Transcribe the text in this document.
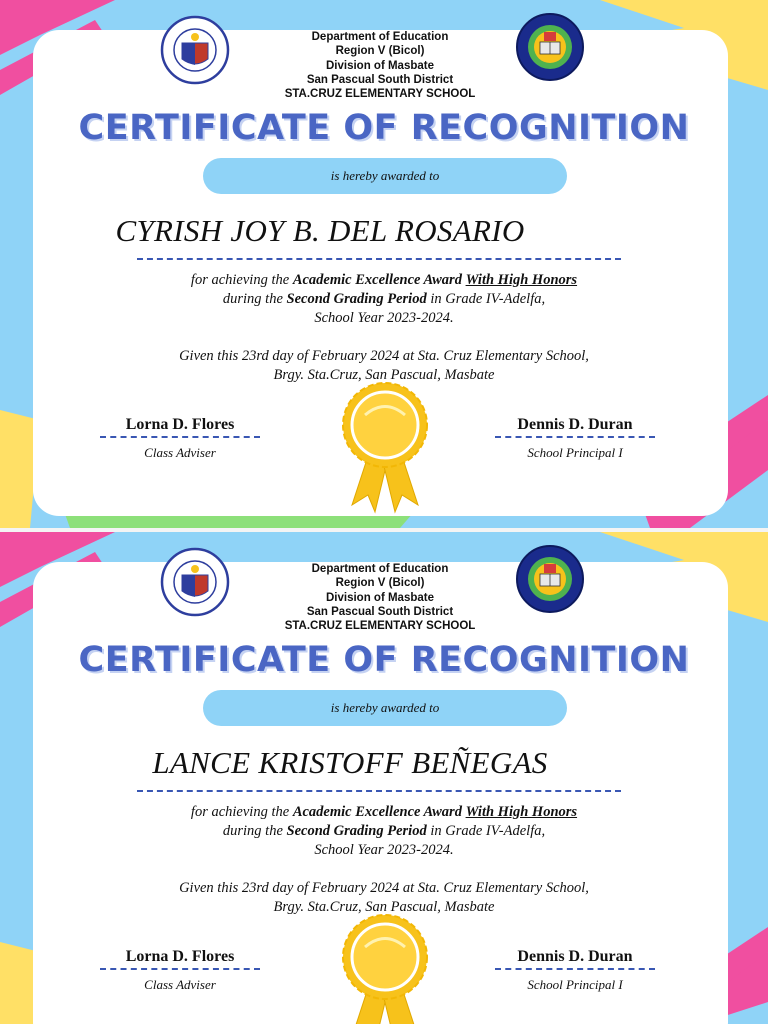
Department of Education
Region V (Bicol)
Division of Masbate
San Pascual South District
STA.CRUZ ELEMENTARY SCHOOL
CERTIFICATE OF RECOGNITION
is hereby awarded to
CYRISH JOY B. DEL ROSARIO
for achieving the Academic Excellence Award With High Honors
during the Second Grading Period in Grade IV-Adelfa,
School Year 2023-2024.
Given this 23rd day of February 2024 at Sta. Cruz Elementary School,
Brgy. Sta.Cruz, San Pascual, Masbate
Lorna D. Flores
Class Adviser
Dennis D. Duran
School Principal I
Department of Education
Region V (Bicol)
Division of Masbate
San Pascual South District
STA.CRUZ ELEMENTARY SCHOOL
CERTIFICATE OF RECOGNITION
is hereby awarded to
LANCE KRISTOFF BEÑEGAS
for achieving the Academic Excellence Award With High Honors
during the Second Grading Period in Grade IV-Adelfa,
School Year 2023-2024.
Given this 23rd day of February 2024 at Sta. Cruz Elementary School,
Brgy. Sta.Cruz, San Pascual, Masbate
Lorna D. Flores
Class Adviser
Dennis D. Duran
School Principal I
